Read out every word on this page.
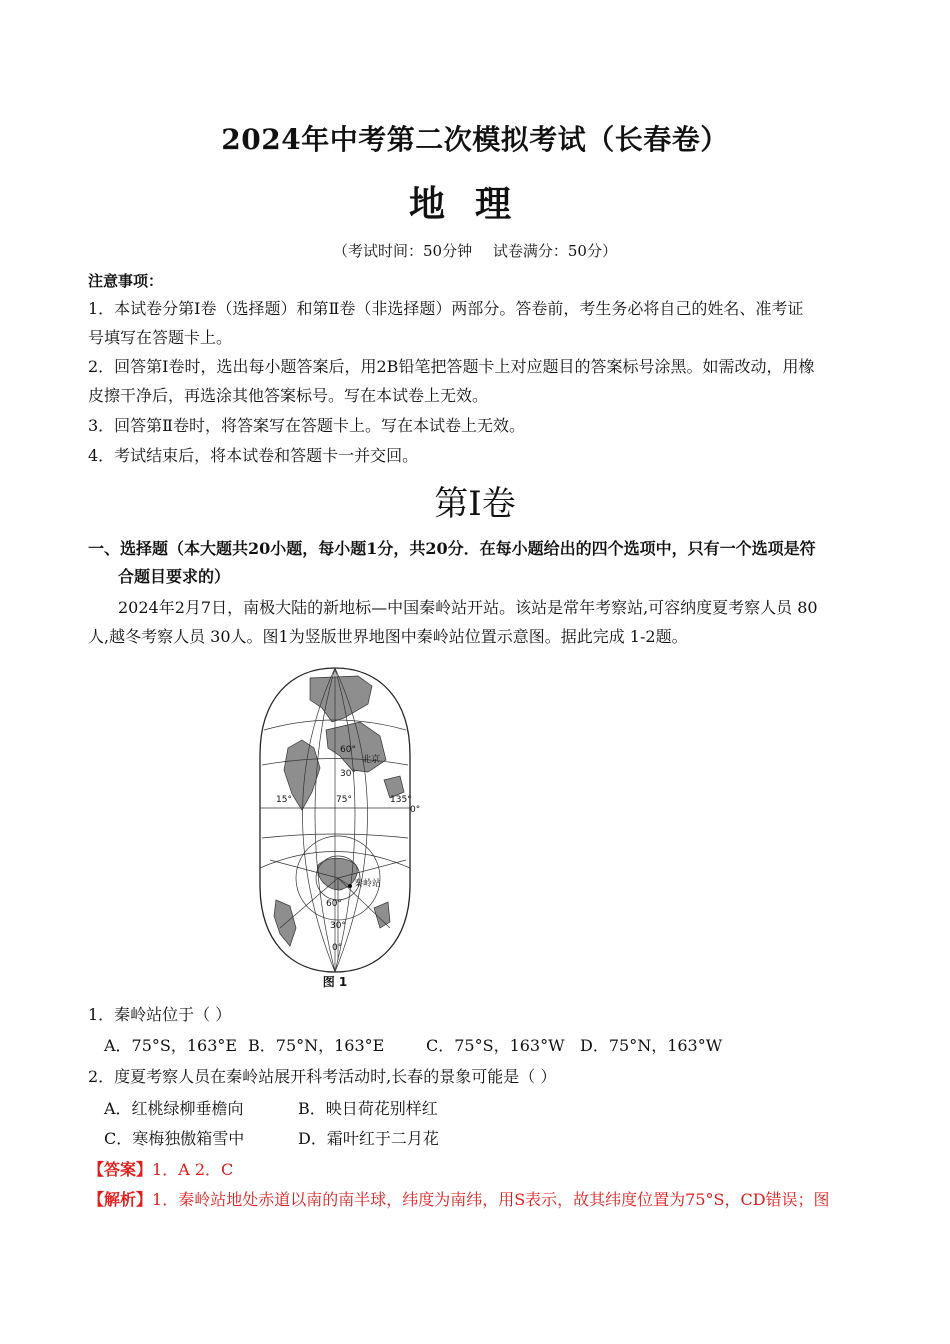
2024年中考第二次模拟考试（长春卷）
地理
（考试时间：50分钟 试卷满分：50分）
注意事项：
1．本试卷分第Ⅰ卷（选择题）和第Ⅱ卷（非选择题）两部分。答卷前，考生务必将自己的姓名、准考证
号填写在答题卡上。
2．回答第Ⅰ卷时，选出每小题答案后，用2B铅笔把答题卡上对应题目的答案标号涂黑。如需改动，用橡
皮擦干净后，再选涂其他答案标号。写在本试卷上无效。
3．回答第Ⅱ卷时，将答案写在答题卡上。写在本试卷上无效。
4．考试结束后，将本试卷和答题卡一并交回。
第Ⅰ卷
一、选择题（本大题共20小题，每小题1分，共20分．在每小题给出的四个选项中，只有一个选项是符
合题目要求的）
2024年2月7日，南极大陆的新地标—中国秦岭站开站。该站是常年考察站,可容纳度夏考察人员 80
人,越冬考察人员 30人。图1为竖版世界地图中秦岭站位置示意图。据此完成 1-2题。
60°
30°
北京
15°	75°	135°
0°
秦岭站
60°
30°
0°
图 1
1．秦岭站位于（ ）
A．75°S，163°E B．75°N，163°E	C．75°S，163°W D．75°N，163°W
2．度夏考察人员在秦岭站展开科考活动时,长春的景象可能是（ ）
A．红桃绿柳垂檐向	B．映日荷花别样红
C．寒梅独傲箱雪中	D．霜叶红于二月花
【答案】1．A 2．C
【解析】1．秦岭站地处赤道以南的南半球，纬度为南纬，用S表示，故其纬度位置为75°S，CD错误；图
